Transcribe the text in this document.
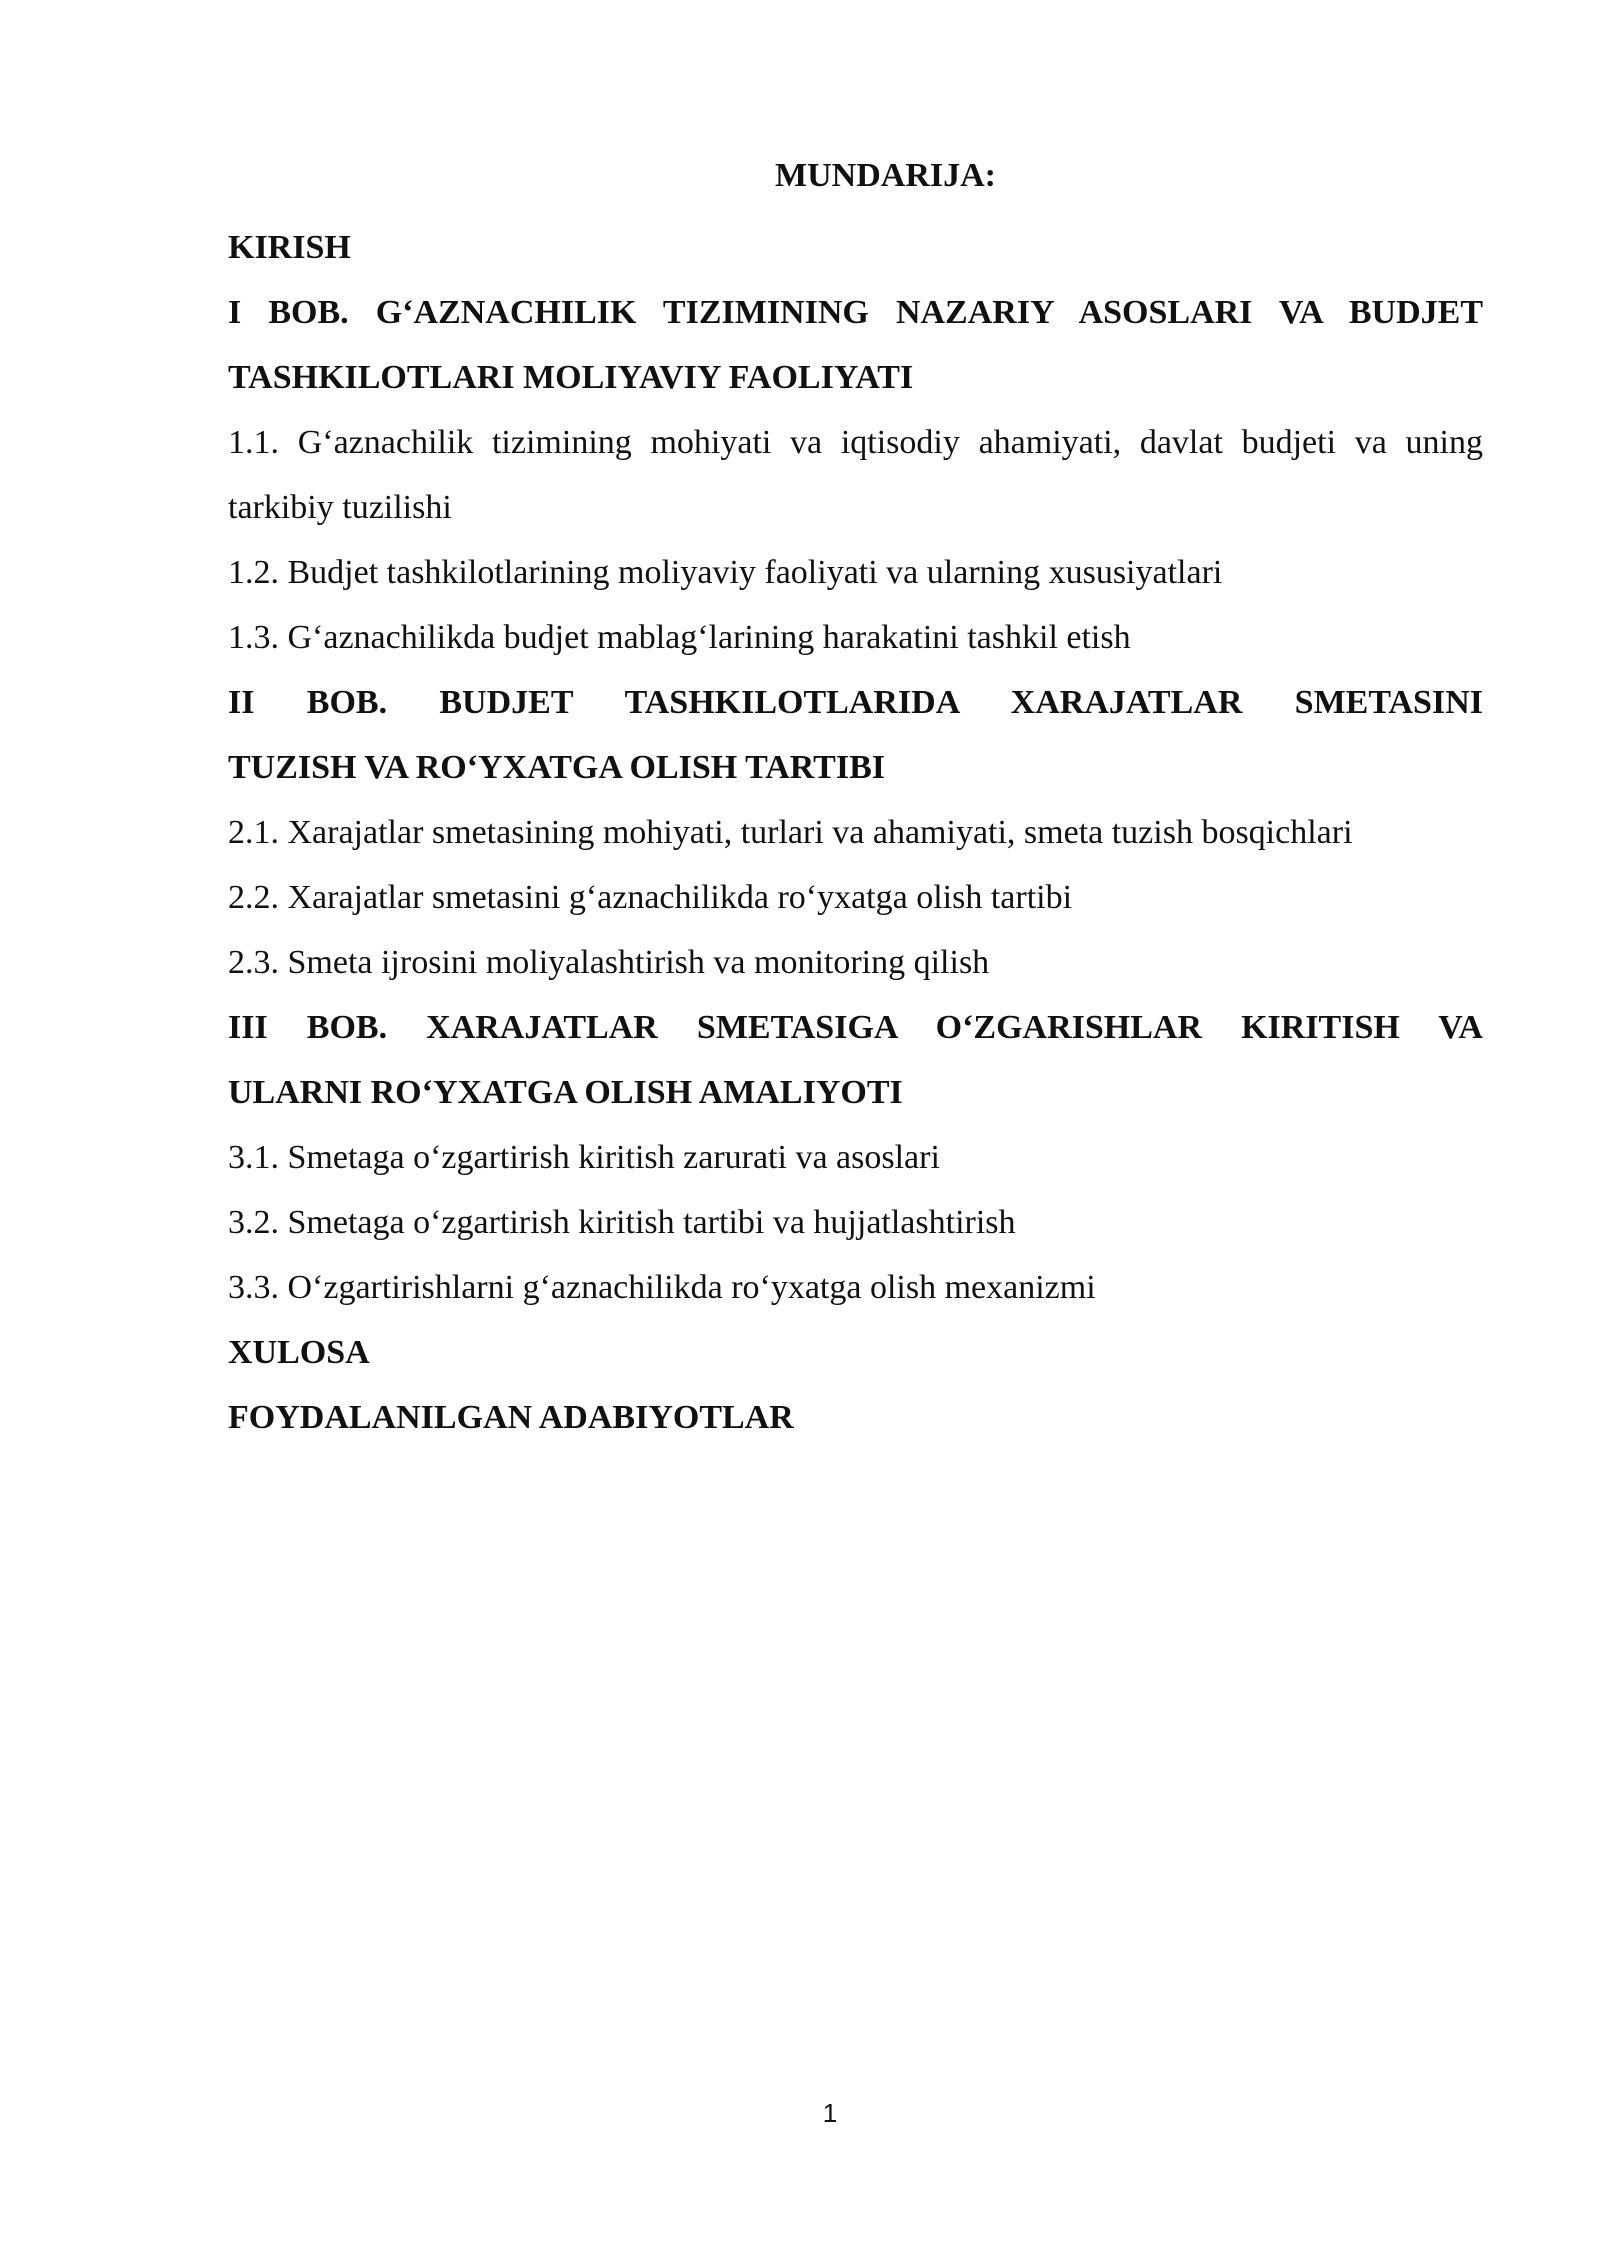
MUNDARIJA:
KIRISH
I BOB. G‘AZNACHILIK TIZIMINING NAZARIY ASOSLARI VA BUDJET
TASHKILOTLARI MOLIYAVIY FAOLIYATI
1.1. G‘aznachilik tizimining mohiyati va iqtisodiy ahamiyati, davlat budjeti va uning
tarkibiy tuzilishi
1.2. Budjet tashkilotlarining moliyaviy faoliyati va ularning xususiyatlari
1.3. G‘aznachilikda budjet mablag‘larining harakatini tashkil etish
II BOB. BUDJET TASHKILOTLARIDA XARAJATLAR SMETASINI
TUZISH VA RO‘YXATGA OLISH TARTIBI
2.1. Xarajatlar smetasining mohiyati, turlari va ahamiyati, smeta tuzish bosqichlari
2.2. Xarajatlar smetasini g‘aznachilikda ro‘yxatga olish tartibi
2.3. Smeta ijrosini moliyalashtirish va monitoring qilish
III BOB. XARAJATLAR SMETASIGA O‘ZGARISHLAR KIRITISH VA
ULARNI RO‘YXATGA OLISH AMALIYOTI
3.1. Smetaga o‘zgartirish kiritish zarurati va asoslari
3.2. Smetaga o‘zgartirish kiritish tartibi va hujjatlashtirish
3.3. O‘zgartirishlarni g‘aznachilikda ro‘yxatga olish mexanizmi
XULOSA
FOYDALANILGAN ADABIYOTLAR
1
